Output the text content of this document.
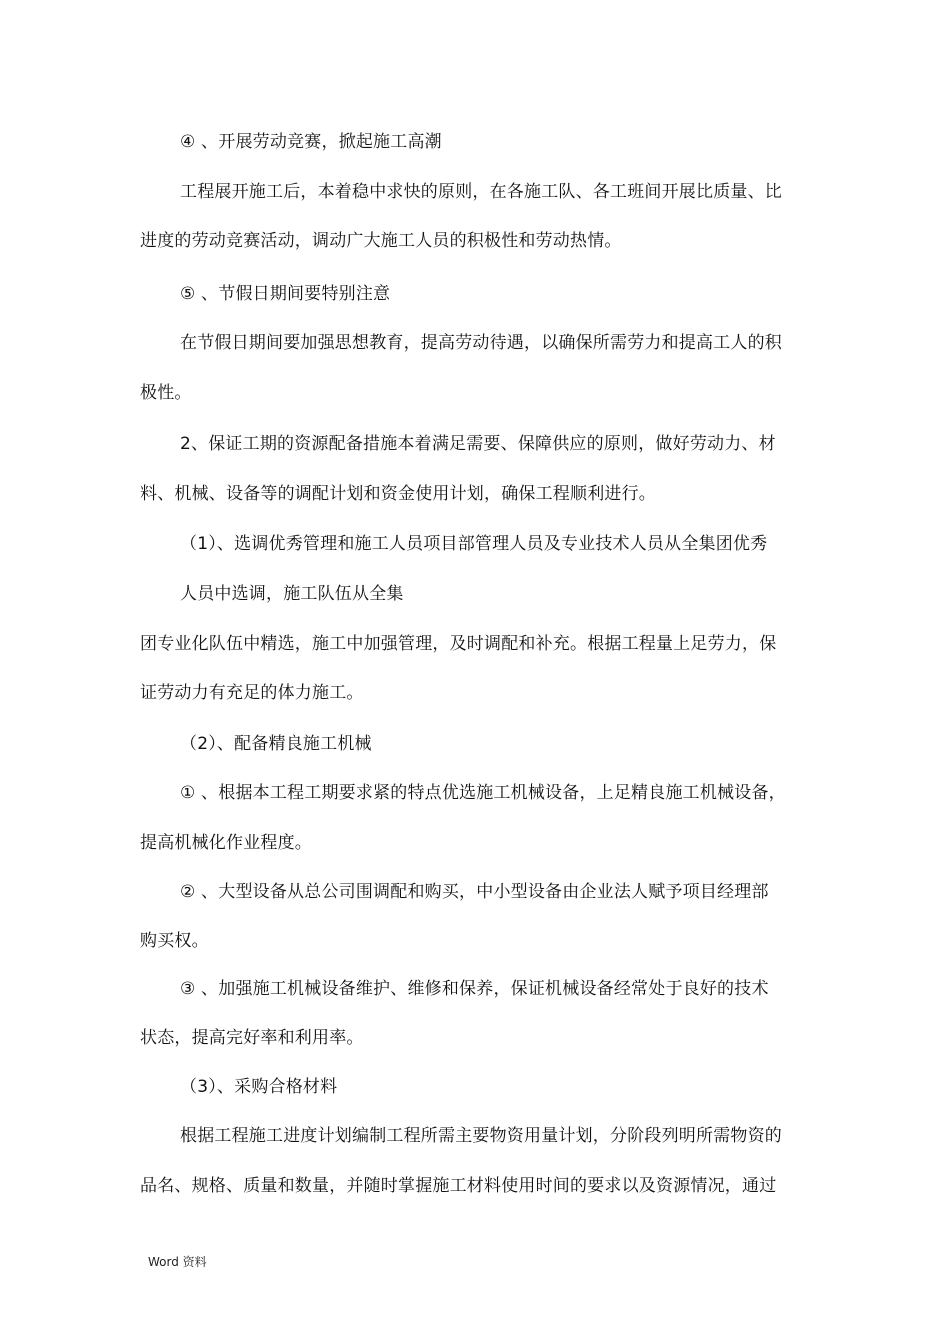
④ 、开展劳动竞赛，掀起施工高潮
工程展开施工后，本着稳中求快的原则，在各施工队、各工班间开展比质量、比
进度的劳动竞赛活动，调动广大施工人员的积极性和劳动热情。
⑤ 、节假日期间要特别注意
在节假日期间要加强思想教育，提高劳动待遇，以确保所需劳力和提高工人的积
极性。
2、保证工期的资源配备措施本着满足需要、保障供应的原则，做好劳动力、材
料、机械、设备等的调配计划和资金使用计划，确保工程顺利进行。
（1）、选调优秀管理和施工人员项目部管理人员及专业技术人员从全集团优秀
人员中选调，施工队伍从全集
团专业化队伍中精选，施工中加强管理，及时调配和补充。根据工程量上足劳力，保
证劳动力有充足的体力施工。
（2）、配备精良施工机械
① 、根据本工程工期要求紧的特点优选施工机械设备，上足精良施工机械设备，
提高机械化作业程度。
② 、大型设备从总公司围调配和购买，中小型设备由企业法人赋予项目经理部
购买权。
③ 、加强施工机械设备维护、维修和保养，保证机械设备经常处于良好的技术
状态，提高完好率和利用率。
（3）、采购合格材料
根据工程施工进度计划编制工程所需主要物资用量计划，分阶段列明所需物资的
品名、规格、质量和数量，并随时掌握施工材料使用时间的要求以及资源情况，通过
Word 资料
